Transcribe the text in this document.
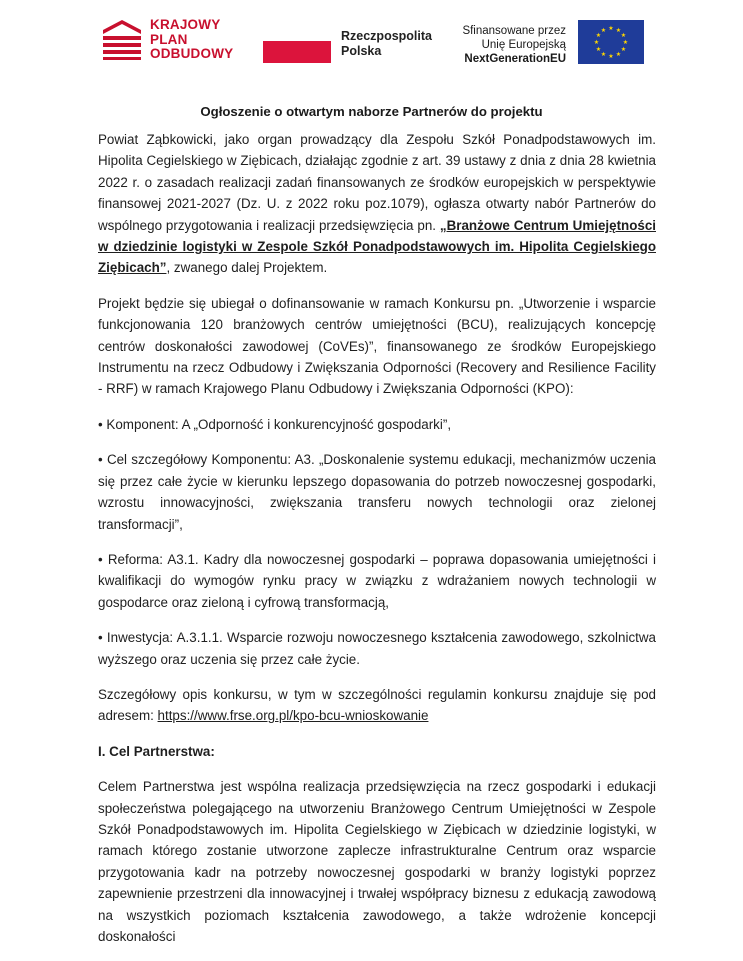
KRAJOWY
PLAN
ODBUDOWY
Rzeczpospolita
Polska
Sfinansowane przez
Unię Europejską
NextGenerationEU
★ ★
★
★
★
★
★
★
★
★
★
★
Ogłoszenie o otwartym naborze Partnerów do projektu

Powiat Ząbkowicki, jako organ prowadzący dla Zespołu Szkół Ponadpodstawowych im. Hipolita Cegielskiego w Ziębicach, działając zgodnie z art. 39 ustawy z dnia z dnia 28 kwietnia 2022 r. o zasadach realizacji zadań finansowanych ze środków europejskich w perspektywie finansowej 2021-2027 (Dz. U. z 2022 roku poz.1079), ogłasza otwarty nabór Partnerów do wspólnego przygotowania i realizacji przedsięwzięcia pn. „Branżowe Centrum Umiejętności w dziedzinie logistyki w Zespole Szkół Ponadpodstawowych im. Hipolita Cegielskiego Ziębicach”, zwanego dalej Projektem.

Projekt będzie się ubiegał o dofinansowanie w ramach Konkursu pn. „Utworzenie i wsparcie funkcjonowania 120 branżowych centrów umiejętności (BCU), realizujących koncepcję centrów doskonałości zawodowej (CoVEs)”, finansowanego ze środków Europejskiego Instrumentu na rzecz Odbudowy i Zwiększania Odporności (Recovery and Resilience Facility - RRF) w ramach Krajowego Planu Odbudowy i Zwiększania Odporności (KPO):

• Komponent: A „Odporność i konkurencyjność gospodarki”,

• Cel szczegółowy Komponentu: A3. „Doskonalenie systemu edukacji, mechanizmów uczenia się przez całe życie w kierunku lepszego dopasowania do potrzeb nowoczesnej gospodarki, wzrostu innowacyjności, zwiększania transferu nowych technologii oraz zielonej transformacji”,

• Reforma: A3.1. Kadry dla nowoczesnej gospodarki – poprawa dopasowania umiejętności i kwalifikacji do wymogów rynku pracy w związku z wdrażaniem nowych technologii w gospodarce oraz zieloną i cyfrową transformacją,

• Inwestycja: A.3.1.1. Wsparcie rozwoju nowoczesnego kształcenia zawodowego, szkolnictwa wyższego oraz uczenia się przez całe życie.

Szczegółowy opis konkursu, w tym w szczególności regulamin konkursu znajduje się pod adresem: https://www.frse.org.pl/kpo-bcu-wnioskowanie

I. Cel Partnerstwa:

Celem Partnerstwa jest wspólna realizacja przedsięwzięcia na rzecz gospodarki i edukacji społeczeństwa polegającego na utworzeniu Branżowego Centrum Umiejętności w Zespole Szkół Ponadpodstawowych im. Hipolita Cegielskiego w Ziębicach w dziedzinie logistyki, w ramach którego zostanie utworzone zaplecze infrastrukturalne Centrum oraz wsparcie przygotowania kadr na potrzeby nowoczesnej gospodarki w branży logistyki poprzez zapewnienie przestrzeni dla innowacyjnej i trwałej współpracy biznesu z edukacją zawodową na wszystkich poziomach kształcenia zawodowego, a także wdrożenie koncepcji doskonałości
